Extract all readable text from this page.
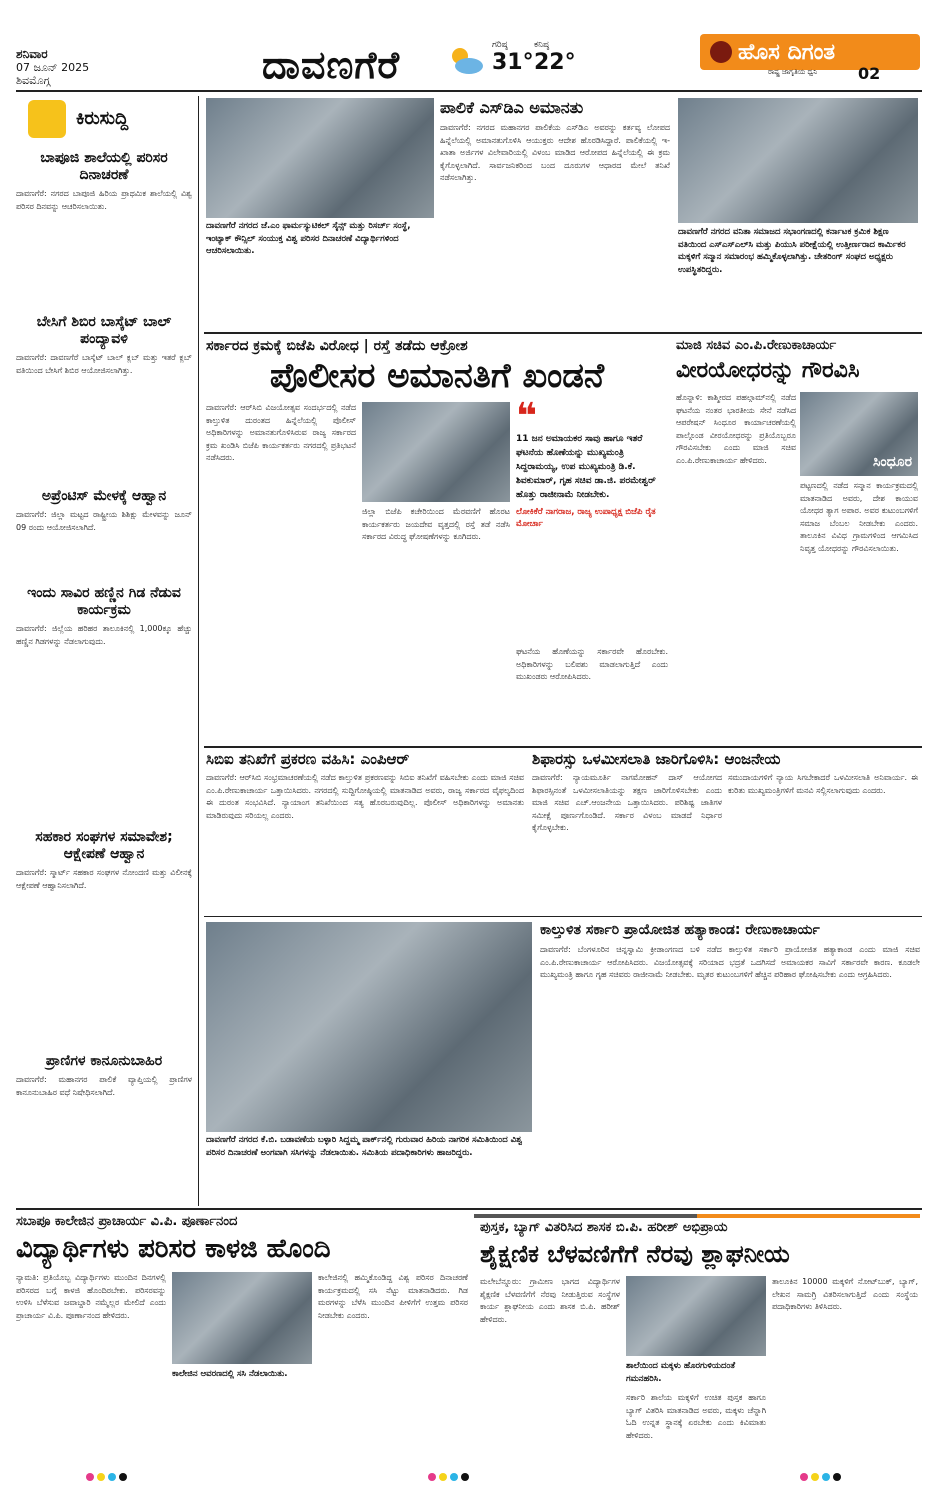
ಶನಿವಾರ
07 ಜೂನ್ 2025
ಶಿವಮೊಗ್ಗ	ದಾವಣಗೆರೆ	ಗರಿಷ್ಠ
31°
ಕನಿಷ್ಠ
22°	ಹೊಸ ದಿಗಂತ
ರಾಷ್ಟ್ರ ಜಾಗೃತಿಯ ಧ್ವನಿ	02
ಕಿರುಸುದ್ದಿ
ಬಾಪೂಜಿ ಶಾಲೆಯಲ್ಲಿ ಪರಿಸರ ದಿನಾಚರಣೆ
ದಾವಣಗೆರೆ: ನಗರದ ಬಾಪೂಜಿ ಹಿರಿಯ ಪ್ರಾಥಮಿಕ ಶಾಲೆಯಲ್ಲಿ ವಿಶ್ವ ಪರಿಸರ ದಿನವನ್ನು ಆಚರಿಸಲಾಯಿತು.
ಬೇಸಿಗೆ ಶಿಬಿರ ಬಾಸ್ಕೆಟ್ ಬಾಲ್ ಪಂದ್ಯಾವಳಿ
ದಾವಣಗೆರೆ: ದಾವಣಗೆರೆ ಬಾಸ್ಕೆಟ್ ಬಾಲ್ ಕ್ಲಬ್ ಮತ್ತು ಇತರೆ ಕ್ಲಬ್ ವತಿಯಿಂದ ಬೇಸಿಗೆ ಶಿಬಿರ ಆಯೋಜಿಸಲಾಗಿತ್ತು.
ಅಪ್ರೆಂಟಿಸ್ ಮೇಳಕ್ಕೆ ಆಹ್ವಾನ
ದಾವಣಗೆರೆ: ಜಿಲ್ಲಾ ಮಟ್ಟದ ರಾಷ್ಟ್ರೀಯ ಶಿಶಿಕ್ಷು ಮೇಳವನ್ನು ಜೂನ್ 09 ರಂದು ಆಯೋಜಿಸಲಾಗಿದೆ.
ಇಂದು ಸಾವಿರ ಹಣ್ಣಿನ ಗಿಡ ನೆಡುವ ಕಾರ್ಯಕ್ರಮ
ದಾವಣಗೆರೆ: ಜಿಲ್ಲೆಯ ಹರಿಹರ ತಾಲೂಕಿನಲ್ಲಿ 1,000ಕ್ಕೂ ಹೆಚ್ಚು ಹಣ್ಣಿನ ಗಿಡಗಳನ್ನು ನೆಡಲಾಗುವುದು.
ಸಹಕಾರ ಸಂಘಗಳ ಸಮಾವೇಶ; ಆಕ್ಷೇಪಣೆ ಆಹ್ವಾನ
ದಾವಣಗೆರೆ: ಸ್ಮಾರ್ಟ್ ಸಹಕಾರ ಸಂಘಗಳ ನೋಂದಣಿ ಮತ್ತು ವಿಲೀನಕ್ಕೆ ಆಕ್ಷೇಪಣೆ ಆಹ್ವಾನಿಸಲಾಗಿದೆ.
ಪ್ರಾಣಿಗಳ ಕಾನೂನುಬಾಹಿರ
ದಾವಣಗೆರೆ: ಮಹಾನಗರ ಪಾಲಿಕೆ ವ್ಯಾಪ್ತಿಯಲ್ಲಿ ಪ್ರಾಣಿಗಳ ಕಾನೂನುಬಾಹಿರ ವಧೆ ನಿಷೇಧಿಸಲಾಗಿದೆ.
ದಾವಣಗೆರೆ ನಗರದ ಜೆ.ಎಂ ಫಾರ್ಮಸ್ಯುಟಿಕಲ್ ಸೈನ್ಸ್ ಮತ್ತು ರಿಸರ್ಚ್ ಸಂಸ್ಥೆ, ಇಂಟ್ಯಾಕ್ ಕೌನ್ಸಿಲ್ ಸಂಯುಕ್ತ ವಿಶ್ವ ಪರಿಸರ ದಿನಾಚರಣೆ ವಿದ್ಯಾರ್ಥಿಗಳಿಂದ ಆಚರಿಸಲಾಯಿತು.
ಪಾಲಿಕೆ ಎಸ್‌ಡಿಎ ಅಮಾನತು
ದಾವಣಗೆರೆ: ನಗರದ ಮಹಾನಗರ ಪಾಲಿಕೆಯ ಎಸ್‌ಡಿಎ ಅವರನ್ನು ಕರ್ತವ್ಯ ಲೋಪದ ಹಿನ್ನೆಲೆಯಲ್ಲಿ ಅಮಾನತುಗೊಳಿಸಿ ಆಯುಕ್ತರು ಆದೇಶ ಹೊರಡಿಸಿದ್ದಾರೆ. ಪಾಲಿಕೆಯಲ್ಲಿ ಇ-ಖಾತಾ ಅರ್ಜಿಗಳ ವಿಲೇವಾರಿಯಲ್ಲಿ ವಿಳಂಬ ಮಾಡಿದ ಆರೋಪದ ಹಿನ್ನೆಲೆಯಲ್ಲಿ ಈ ಕ್ರಮ ಕೈಗೊಳ್ಳಲಾಗಿದೆ. ಸಾರ್ವಜನಿಕರಿಂದ ಬಂದ ದೂರುಗಳ ಆಧಾರದ ಮೇಲೆ ತನಿಖೆ ನಡೆಸಲಾಗಿತ್ತು.
ದಾವಣಗೆರೆ ನಗರದ ವನಿತಾ ಸಮಾಜದ ಸಭಾಂಗಣದಲ್ಲಿ ಕರ್ನಾಟಕ ಕ್ರಮಿಕ ಶಿಕ್ಷಣ ವತಿಯಿಂದ ಎಸ್ಎಸ್ಎಲ್‌ಸಿ ಮತ್ತು ಪಿಯುಸಿ ಪರೀಕ್ಷೆಯಲ್ಲಿ ಉತ್ತೀರ್ಣರಾದ ಕಾರ್ಮಿಕರ ಮಕ್ಕಳಿಗೆ ಸನ್ಮಾನ ಸಮಾರಂಭ ಹಮ್ಮಿಕೊಳ್ಳಲಾಗಿತ್ತು. ಚೇತರಿಂಗ್ ಸಂಘದ ಅಧ್ಯಕ್ಷರು ಉಪಸ್ಥಿತರಿದ್ದರು.
ಸರ್ಕಾರದ ಕ್ರಮಕ್ಕೆ ಬಿಜೆಪಿ ವಿರೋಧ | ರಸ್ತೆ ತಡೆದು ಆಕ್ರೋಶ
ಪೊಲೀಸರ ಅಮಾನತಿಗೆ ಖಂಡನೆ
ದಾವಣಗೆರೆ: ಆರ್‌ಸಿಬಿ ವಿಜಯೋತ್ಸವ ಸಂದರ್ಭದಲ್ಲಿ ನಡೆದ ಕಾಲ್ತುಳಿತ ದುರಂತದ ಹಿನ್ನೆಲೆಯಲ್ಲಿ ಪೊಲೀಸ್ ಅಧಿಕಾರಿಗಳನ್ನು ಅಮಾನತುಗೊಳಿಸಿರುವ ರಾಜ್ಯ ಸರ್ಕಾರದ ಕ್ರಮ ಖಂಡಿಸಿ ಬಿಜೆಪಿ ಕಾರ್ಯಕರ್ತರು ನಗರದಲ್ಲಿ ಪ್ರತಿಭಟನೆ ನಡೆಸಿದರು.
❝
11 ಜನ ಅಮಾಯಕರ ಸಾವು ಹಾಗೂ ಇತರೆ ಘಟನೆಯ ಹೊಣೆಯನ್ನು ಮುಖ್ಯಮಂತ್ರಿ ಸಿದ್ದರಾಮಯ್ಯ, ಉಪ ಮುಖ್ಯಮಂತ್ರಿ ಡಿ.ಕೆ. ಶಿವಕುಮಾರ್, ಗೃಹ ಸಚಿವ ಡಾ.ಜಿ. ಪರಮೇಶ್ವರ್ ಹೊತ್ತು ರಾಜೀನಾಮೆ ನೀಡಬೇಕು.
ಲೋಕಿಕೆರೆ ನಾಗರಾಜ, ರಾಜ್ಯ ಉಪಾಧ್ಯಕ್ಷ ಬಿಜೆಪಿ ರೈತ ಮೋರ್ಚಾ
ಜಿಲ್ಲಾ ಬಿಜೆಪಿ ಕಚೇರಿಯಿಂದ ಮೆರವಣಿಗೆ ಹೊರಟ ಕಾರ್ಯಕರ್ತರು ಜಯದೇವ ವೃತ್ತದಲ್ಲಿ ರಸ್ತೆ ತಡೆ ನಡೆಸಿ ಸರ್ಕಾರದ ವಿರುದ್ಧ ಘೋಷಣೆಗಳನ್ನು ಕೂಗಿದರು.
ಘಟನೆಯ ಹೊಣೆಯನ್ನು ಸರ್ಕಾರವೇ ಹೊರಬೇಕು. ಅಧಿಕಾರಿಗಳನ್ನು ಬಲಿಪಶು ಮಾಡಲಾಗುತ್ತಿದೆ ಎಂದು ಮುಖಂಡರು ಆರೋಪಿಸಿದರು.
ಮಾಜಿ ಸಚಿವ ಎಂ.ಪಿ.ರೇಣುಕಾಚಾರ್ಯ
ವೀರಯೋಧರನ್ನು ಗೌರವಿಸಿ
ಹೊನ್ನಾಳಿ: ಕಾಶ್ಮೀರದ ಪಹಲ್ಗಾಮ್‌ನಲ್ಲಿ ನಡೆದ ಘಟನೆಯ ನಂತರ ಭಾರತೀಯ ಸೇನೆ ನಡೆಸಿದ ಆಪರೇಷನ್ ಸಿಂಧೂರ ಕಾರ್ಯಾಚರಣೆಯಲ್ಲಿ ಪಾಲ್ಗೊಂಡ ವೀರಯೋಧರನ್ನು ಪ್ರತಿಯೊಬ್ಬರೂ ಗೌರವಿಸಬೇಕು ಎಂದು ಮಾಜಿ ಸಚಿವ ಎಂ.ಪಿ.ರೇಣುಕಾಚಾರ್ಯ ಹೇಳಿದರು.	ಸಿಂಧೂರ
ಪಟ್ಟಣದಲ್ಲಿ ನಡೆದ ಸನ್ಮಾನ ಕಾರ್ಯಕ್ರಮದಲ್ಲಿ ಮಾತನಾಡಿದ ಅವರು, ದೇಶ ಕಾಯುವ ಯೋಧರ ತ್ಯಾಗ ಅಪಾರ. ಅವರ ಕುಟುಂಬಗಳಿಗೆ ಸಮಾಜ ಬೆಂಬಲ ನೀಡಬೇಕು ಎಂದರು. ತಾಲೂಕಿನ ವಿವಿಧ ಗ್ರಾಮಗಳಿಂದ ಆಗಮಿಸಿದ ನಿವೃತ್ತ ಯೋಧರನ್ನು ಗೌರವಿಸಲಾಯಿತು.
ಸಿಬಿಐ ತನಿಖೆಗೆ ಪ್ರಕರಣ ವಹಿಸಿ: ಎಂಪಿಆರ್
ದಾವಣಗೆರೆ: ಆರ್‌ಸಿಬಿ ಸಂಭ್ರಮಾಚರಣೆಯಲ್ಲಿ ನಡೆದ ಕಾಲ್ತುಳಿತ ಪ್ರಕರಣವನ್ನು ಸಿಬಿಐ ತನಿಖೆಗೆ ವಹಿಸಬೇಕು ಎಂದು ಮಾಜಿ ಸಚಿವ ಎಂ.ಪಿ.ರೇಣುಕಾಚಾರ್ಯ ಒತ್ತಾಯಿಸಿದರು. ನಗರದಲ್ಲಿ ಸುದ್ದಿಗೋಷ್ಠಿಯಲ್ಲಿ ಮಾತನಾಡಿದ ಅವರು, ರಾಜ್ಯ ಸರ್ಕಾರದ ವೈಫಲ್ಯದಿಂದ ಈ ದುರಂತ ಸಂಭವಿಸಿದೆ. ನ್ಯಾಯಾಂಗ ತನಿಖೆಯಿಂದ ಸತ್ಯ ಹೊರಬರುವುದಿಲ್ಲ. ಪೊಲೀಸ್ ಅಧಿಕಾರಿಗಳನ್ನು ಅಮಾನತು ಮಾಡಿರುವುದು ಸರಿಯಲ್ಲ ಎಂದರು.
ಶಿಫಾರಸ್ಸು ಒಳಮೀಸಲಾತಿ ಜಾರಿಗೊಳಿಸಿ: ಆಂಜನೇಯ
ದಾವಣಗೆರೆ: ನ್ಯಾಯಮೂರ್ತಿ ನಾಗಮೋಹನ್ ದಾಸ್ ಆಯೋಗದ ಶಿಫಾರಸ್ಸಿನಂತೆ ಒಳಮೀಸಲಾತಿಯನ್ನು ತಕ್ಷಣ ಜಾರಿಗೊಳಿಸಬೇಕು ಎಂದು ಮಾಜಿ ಸಚಿವ ಎಚ್.ಆಂಜನೇಯ ಒತ್ತಾಯಿಸಿದರು. ಪರಿಶಿಷ್ಟ ಜಾತಿಗಳ ಸಮೀಕ್ಷೆ ಪೂರ್ಣಗೊಂಡಿದೆ. ಸರ್ಕಾರ ವಿಳಂಬ ಮಾಡದೆ ನಿರ್ಧಾರ ಕೈಗೊಳ್ಳಬೇಕು.
ಸಮುದಾಯಗಳಿಗೆ ನ್ಯಾಯ ಸಿಗಬೇಕಾದರೆ ಒಳಮೀಸಲಾತಿ ಅನಿವಾರ್ಯ. ಈ ಕುರಿತು ಮುಖ್ಯಮಂತ್ರಿಗಳಿಗೆ ಮನವಿ ಸಲ್ಲಿಸಲಾಗುವುದು ಎಂದರು.
ದಾವಣಗೆರೆ ನಗರದ ಕೆ.ಬಿ. ಬಡಾವಣೆಯ ಬಳ್ಳಾರಿ ಸಿದ್ದಮ್ಮ ಪಾರ್ಕ್‌ನಲ್ಲಿ ಗುರುವಾರ ಹಿರಿಯ ನಾಗರಿಕ ಸಮಿತಿಯಿಂದ ವಿಶ್ವ ಪರಿಸರ ದಿನಾಚರಣೆ ಅಂಗವಾಗಿ ಸಸಿಗಳನ್ನು ನೆಡಲಾಯಿತು. ಸಮಿತಿಯ ಪದಾಧಿಕಾರಿಗಳು ಹಾಜರಿದ್ದರು.
ಕಾಲ್ತುಳಿತ ಸರ್ಕಾರಿ ಪ್ರಾಯೋಜಿತ ಹತ್ಯಾಕಾಂಡ: ರೇಣುಕಾಚಾರ್ಯ
ದಾವಣಗೆರೆ: ಬೆಂಗಳೂರಿನ ಚಿನ್ನಸ್ವಾಮಿ ಕ್ರೀಡಾಂಗಣದ ಬಳಿ ನಡೆದ ಕಾಲ್ತುಳಿತ ಸರ್ಕಾರಿ ಪ್ರಾಯೋಜಿತ ಹತ್ಯಾಕಾಂಡ ಎಂದು ಮಾಜಿ ಸಚಿವ ಎಂ.ಪಿ.ರೇಣುಕಾಚಾರ್ಯ ಆರೋಪಿಸಿದರು. ವಿಜಯೋತ್ಸವಕ್ಕೆ ಸರಿಯಾದ ಭದ್ರತೆ ಒದಗಿಸದೆ ಅಮಾಯಕರ ಸಾವಿಗೆ ಸರ್ಕಾರವೇ ಕಾರಣ. ಕೂಡಲೇ ಮುಖ್ಯಮಂತ್ರಿ ಹಾಗೂ ಗೃಹ ಸಚಿವರು ರಾಜೀನಾಮೆ ನೀಡಬೇಕು. ಮೃತರ ಕುಟುಂಬಗಳಿಗೆ ಹೆಚ್ಚಿನ ಪರಿಹಾರ ಘೋಷಿಸಬೇಕು ಎಂದು ಆಗ್ರಹಿಸಿದರು.
ಸಬಾಪೂ ಕಾಲೇಜಿನ ಪ್ರಾಚಾರ್ಯ ವಿ.ಪಿ. ಪೂರ್ಣಾನಂದ
ವಿದ್ಯಾರ್ಥಿಗಳು ಪರಿಸರ ಕಾಳಜಿ ಹೊಂದಿ
ನ್ಯಾಮತಿ: ಪ್ರತಿಯೊಬ್ಬ ವಿದ್ಯಾರ್ಥಿಗಳು ಮುಂದಿನ ದಿನಗಳಲ್ಲಿ ಪರಿಸರದ ಬಗ್ಗೆ ಕಾಳಜಿ ಹೊಂದಿರಬೇಕು. ಪರಿಸರವನ್ನು ಉಳಿಸಿ ಬೆಳೆಸುವ ಜವಾಬ್ದಾರಿ ನಮ್ಮೆಲ್ಲರ ಮೇಲಿದೆ ಎಂದು ಪ್ರಾಚಾರ್ಯ ವಿ.ಪಿ. ಪೂರ್ಣಾನಂದ ಹೇಳಿದರು.
ಕಾಲೇಜಿನ ಆವರಣದಲ್ಲಿ ಸಸಿ ನೆಡಲಾಯಿತು.
ಕಾಲೇಜಿನಲ್ಲಿ ಹಮ್ಮಿಕೊಂಡಿದ್ದ ವಿಶ್ವ ಪರಿಸರ ದಿನಾಚರಣೆ ಕಾರ್ಯಕ್ರಮದಲ್ಲಿ ಸಸಿ ನೆಟ್ಟು ಮಾತನಾಡಿದರು. ಗಿಡ ಮರಗಳನ್ನು ಬೆಳೆಸಿ ಮುಂದಿನ ಪೀಳಿಗೆಗೆ ಉತ್ತಮ ಪರಿಸರ ನೀಡಬೇಕು ಎಂದರು.
ಪುಸ್ತಕ, ಬ್ಯಾಗ್ ವಿತರಿಸಿದ ಶಾಸಕ ಬಿ.ಪಿ. ಹರೀಶ್ ಅಭಿಪ್ರಾಯ
ಶೈಕ್ಷಣಿಕ ಬೆಳವಣಿಗೆಗೆ ನೆರವು ಶ್ಲಾಘನೀಯ
ಮಲೇಬೆನ್ನೂರು: ಗ್ರಾಮೀಣ ಭಾಗದ ವಿದ್ಯಾರ್ಥಿಗಳ ಶೈಕ್ಷಣಿಕ ಬೆಳವಣಿಗೆಗೆ ನೆರವು ನೀಡುತ್ತಿರುವ ಸಂಸ್ಥೆಗಳ ಕಾರ್ಯ ಶ್ಲಾಘನೀಯ ಎಂದು ಶಾಸಕ ಬಿ.ಪಿ. ಹರೀಶ್ ಹೇಳಿದರು.
ಶಾಲೆಯಿಂದ ಮಕ್ಕಳು ಹೊರಗುಳಿಯದಂತೆ ಗಮನಹರಿಸಿ.
ಸರ್ಕಾರಿ ಶಾಲೆಯ ಮಕ್ಕಳಿಗೆ ಉಚಿತ ಪುಸ್ತಕ ಹಾಗೂ ಬ್ಯಾಗ್ ವಿತರಿಸಿ ಮಾತನಾಡಿದ ಅವರು, ಮಕ್ಕಳು ಚೆನ್ನಾಗಿ ಓದಿ ಉನ್ನತ ಸ್ಥಾನಕ್ಕೆ ಏರಬೇಕು ಎಂದು ಕಿವಿಮಾತು ಹೇಳಿದರು.
ತಾಲೂಕಿನ 10000 ಮಕ್ಕಳಿಗೆ ನೋಟ್‌ಬುಕ್, ಬ್ಯಾಗ್, ಲೇಖನ ಸಾಮಗ್ರಿ ವಿತರಿಸಲಾಗುತ್ತಿದೆ ಎಂದು ಸಂಸ್ಥೆಯ ಪದಾಧಿಕಾರಿಗಳು ತಿಳಿಸಿದರು.
